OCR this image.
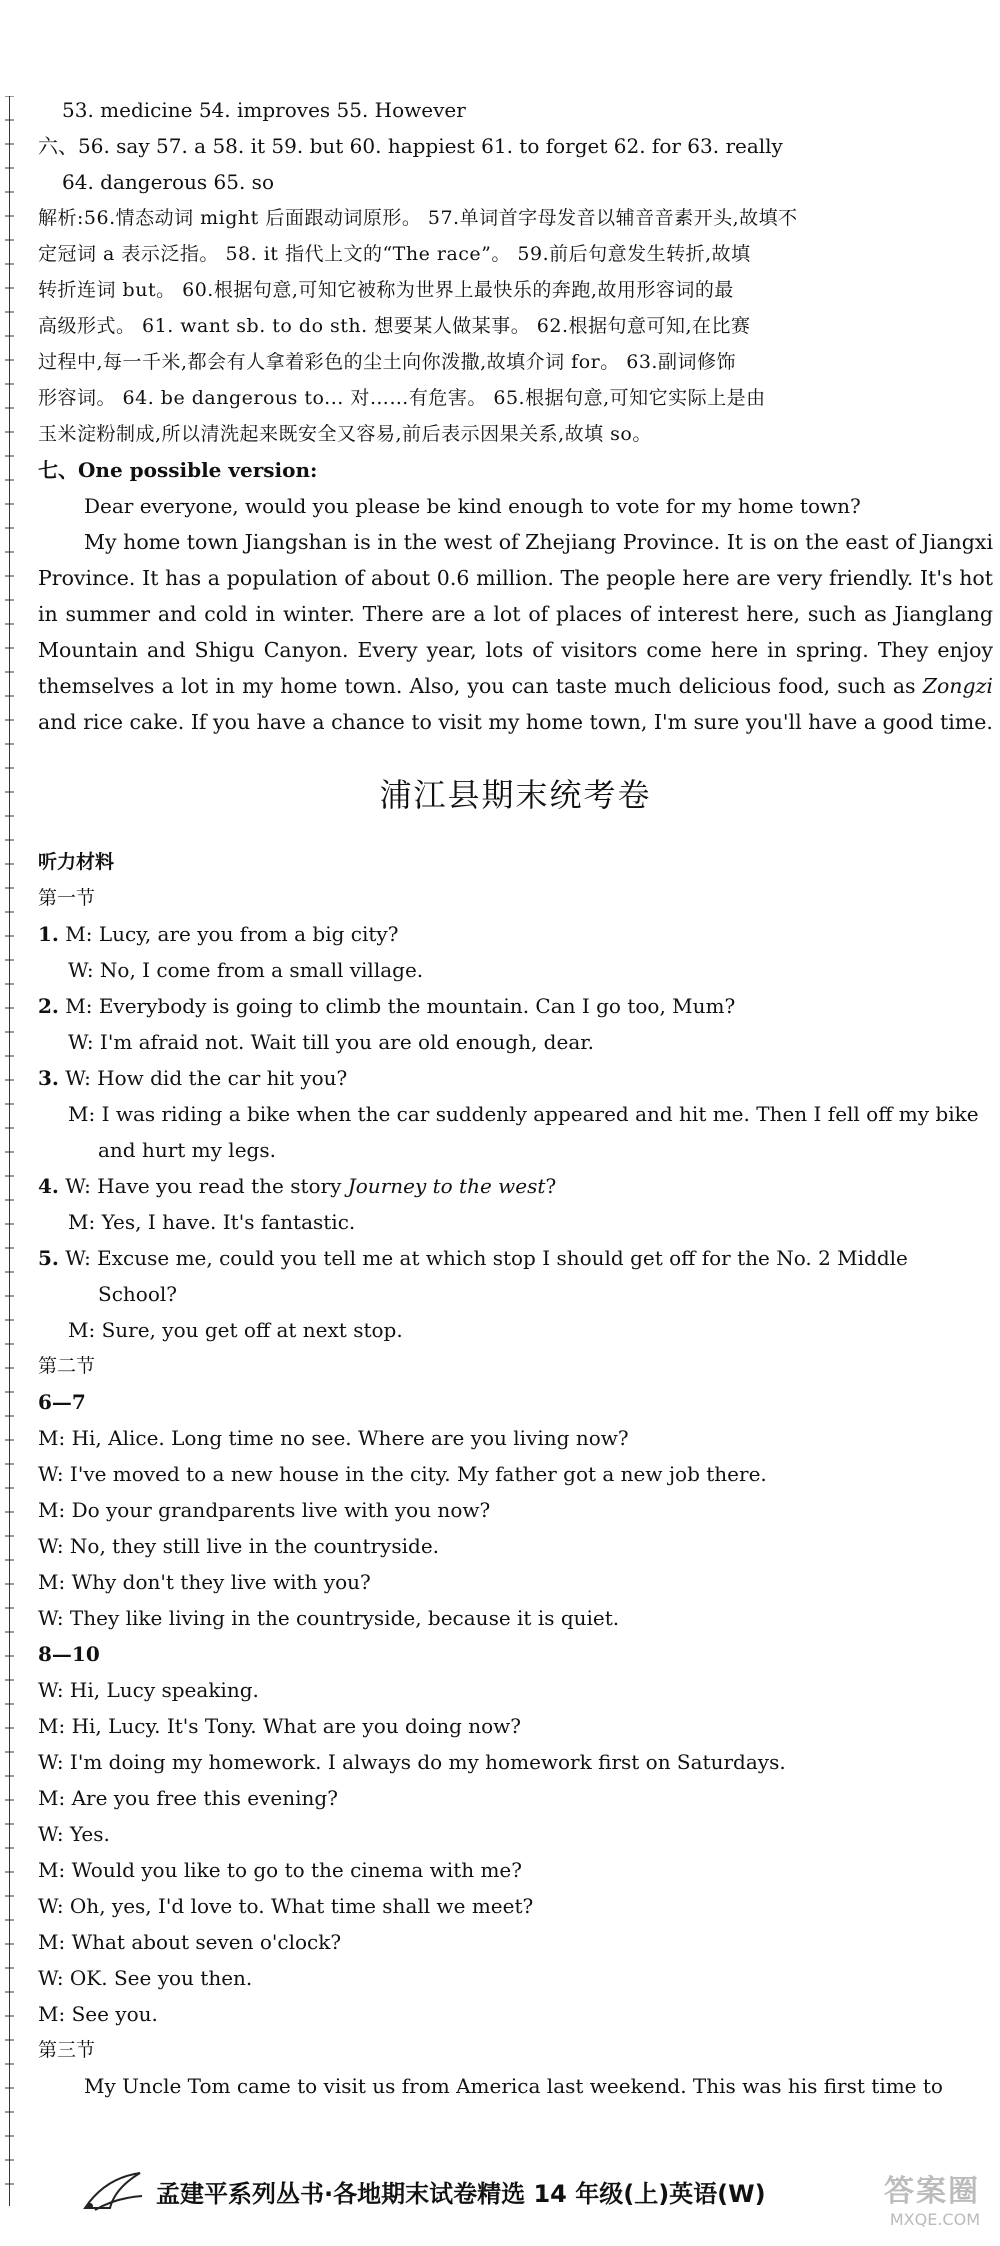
53. medicine 54. improves 55. However

六、56. say 57. a 58. it 59. but 60. happiest 61. to forget 62. for 63. really

64. dangerous 65. so

解析:56.情态动词 might 后面跟动词原形。 57.单词首字母发音以辅音音素开头,故填不

定冠词 a 表示泛指。 58. it 指代上文的“The race”。 59.前后句意发生转折,故填

转折连词 but。 60.根据句意,可知它被称为世界上最快乐的奔跑,故用形容词的最

高级形式。 61. want sb. to do sth. 想要某人做某事。 62.根据句意可知,在比赛

过程中,每一千米,都会有人拿着彩色的尘土向你泼撒,故填介词 for。 63.副词修饰

形容词。 64. be dangerous to... 对……有危害。 65.根据句意,可知它实际上是由

玉米淀粉制成,所以清洗起来既安全又容易,前后表示因果关系,故填 so。

七、One possible version:

Dear everyone, would you please be kind enough to vote for my home town?

My home town Jiangshan is in the west of Zhejiang Province. It is on the east of Jiangxi Province. It has a population of about 0.6 million. The people here are very friendly. It's hot in summer and cold in winter. There are a lot of places of interest here, such as Jianglang Mountain and Shigu Canyon. Every year, lots of visitors come here in spring. They enjoy themselves a lot in my home town. Also, you can taste much delicious food, such as Zongzi and rice cake. If you have a chance to visit my home town, I'm sure you'll have a good time.

浦江县期末统考卷

听力材料

第一节

1. M: Lucy, are you from a big city?

W: No, I come from a small village.

2. M: Everybody is going to climb the mountain. Can I go too, Mum?

W: I'm afraid not. Wait till you are old enough, dear.

3. W: How did the car hit you?

M: I was riding a bike when the car suddenly appeared and hit me. Then I fell off my bike

and hurt my legs.

4. W: Have you read the story Journey to the west?

M: Yes, I have. It's fantastic.

5. W: Excuse me, could you tell me at which stop I should get off for the No. 2 Middle

School?

M: Sure, you get off at next stop.

第二节

6—7

M: Hi, Alice. Long time no see. Where are you living now?

W: I've moved to a new house in the city. My father got a new job there.

M: Do your grandparents live with you now?

W: No, they still live in the countryside.

M: Why don't they live with you?

W: They like living in the countryside, because it is quiet.

8—10

W: Hi, Lucy speaking.

M: Hi, Lucy. It's Tony. What are you doing now?

W: I'm doing my homework. I always do my homework first on Saturdays.

M: Are you free this evening?

W: Yes.

M: Would you like to go to the cinema with me?

W: Oh, yes, I'd love to. What time shall we meet?

M: What about seven o'clock?

W: OK. See you then.

M: See you.

第三节

My Uncle Tom came to visit us from America last weekend. This was his first time to

孟建平系列丛书·各地期末试卷精选 14 年级(上)英语(W)	答案圈
MXQE.COM
